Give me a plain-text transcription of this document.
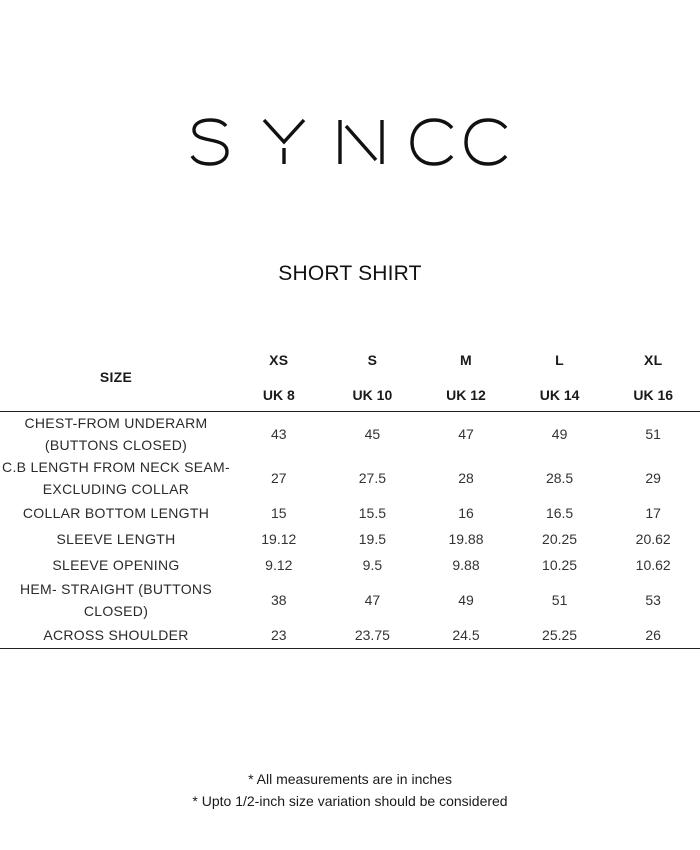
SHORT SHIRT
SIZE	XS	S	M	L	XL
	UK 8	UK 10	UK 12	UK 14	UK 16
CHEST-FROM UNDERARM (BUTTONS CLOSED)	43	45	47	49	51
C.B LENGTH FROM NECK SEAM-EXCLUDING COLLAR	27	27.5	28	28.5	29
COLLAR BOTTOM LENGTH	15	15.5	16	16.5	17
SLEEVE LENGTH	19.12	19.5	19.88	20.25	20.62
SLEEVE OPENING	9.12	9.5	9.88	10.25	10.62
HEM- STRAIGHT (BUTTONS CLOSED)	38	47	49	51	53
ACROSS SHOULDER	23	23.75	24.5	25.25	26
* All measurements are in inches
* Upto 1/2-inch size variation should be considered
